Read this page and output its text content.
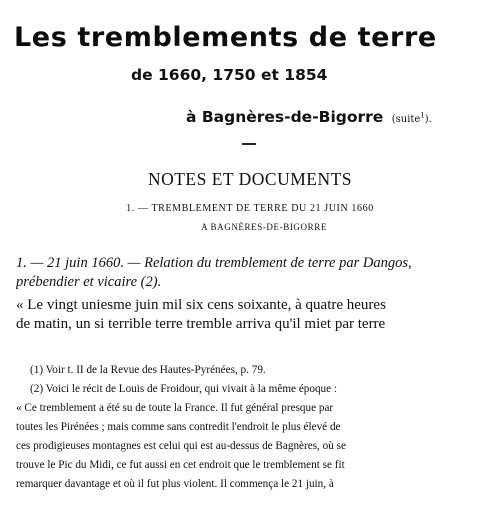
Les tremblements de terre
de 1660, 1750 et 1854
à Bagnères-de-Bigorre (suite$^1$).
NOTES ET DOCUMENTS
1. — TREMBLEMENT DE TERRE DU 21 JUIN 1660
A BAGNÈRES-DE-BIGORRE
1. — 21 juin 1660. — Relation du tremblement de terre par Dangos,
prébendier et vicaire (2).
« Le vingt uniesme juin mil six cens soixante, à quatre heures
de matin, un si terrible terre tremble arriva qu'il miet par terre
(1) Voir t. II de la Revue des Hautes-Pyrénées, p. 79.
(2) Voici le récit de Louis de Froidour, qui vivait à la même époque :
« Ce tremblement a été su de toute la France. Il fut général presque par
toutes les Pirénées ; mais comme sans contredit l'endroit le plus élevé de
ces prodigieuses montagnes est celui qui est au-dessus de Bagnères, où se
trouve le Pic du Midi, ce fut aussi en cet endroit que le tremblement se fit
remarquer davantage et où il fut plus violent. Il commença le 21 juin, à
